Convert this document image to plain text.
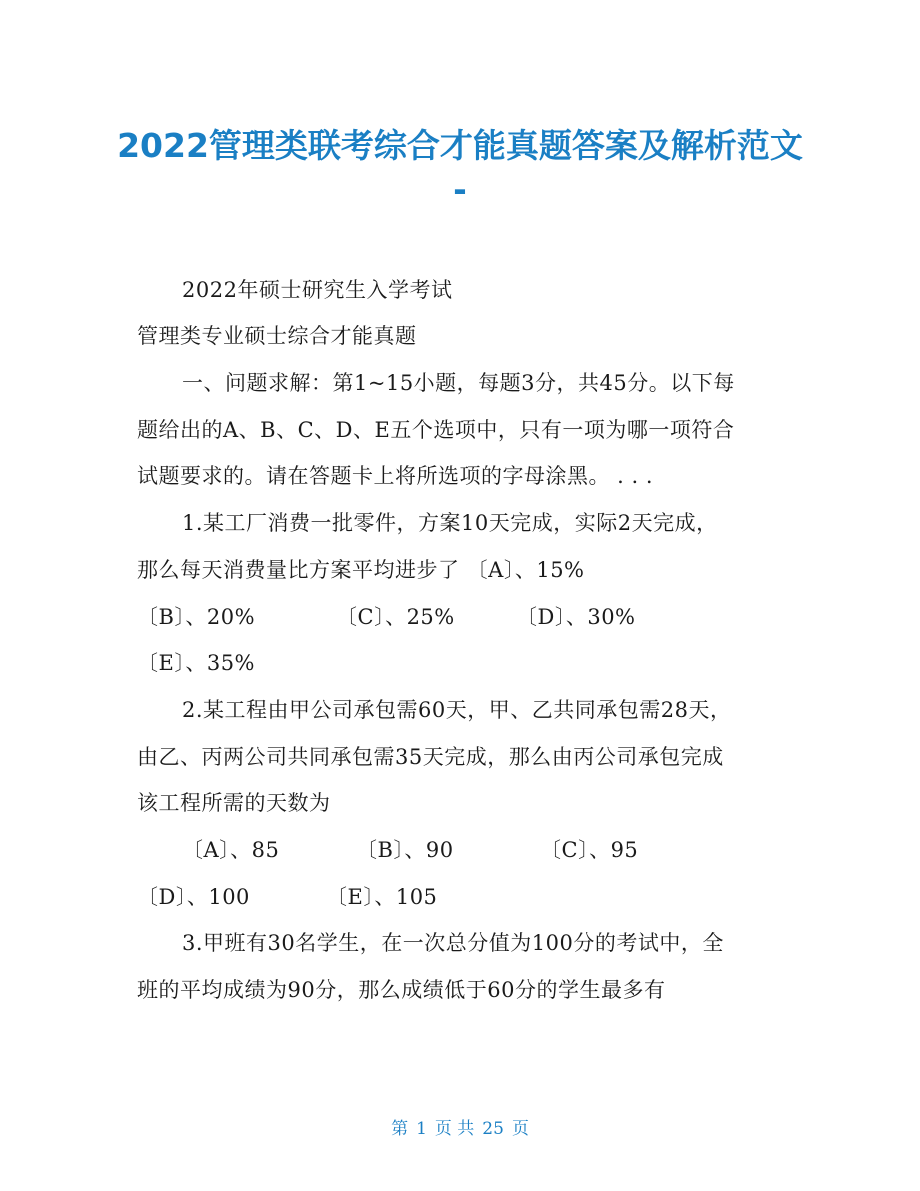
2022管理类联考综合才能真题答案及解析范文
-
2022年硕士研究生入学考试
管理类专业硕士综合才能真题
一、问题求解：第1~15小题，每题3分，共45分。以下每
题给出的A、B、C、D、E五个选项中，只有一项为哪一项符合
试题要求的。请在答题卡上将所选项的字母涂黑。 . . .
1.某工厂消费一批零件，方案10天完成，实际2天完成，
那么每天消费量比方案平均进步了 〔A〕、15%
〔B〕、20%	〔C〕、25%	〔D〕、30%
〔E〕、35%
2.某工程由甲公司承包需60天，甲、乙共同承包需28天，
由乙、丙两公司共同承包需35天完成，那么由丙公司承包完成
该工程所需的天数为
〔A〕、85	〔B〕、90	〔C〕、95
〔D〕、100	〔E〕、105
3.甲班有30名学生，在一次总分值为100分的考试中，全
班的平均成绩为90分，那么成绩低于60分的学生最多有
第 1 页 共 25 页
